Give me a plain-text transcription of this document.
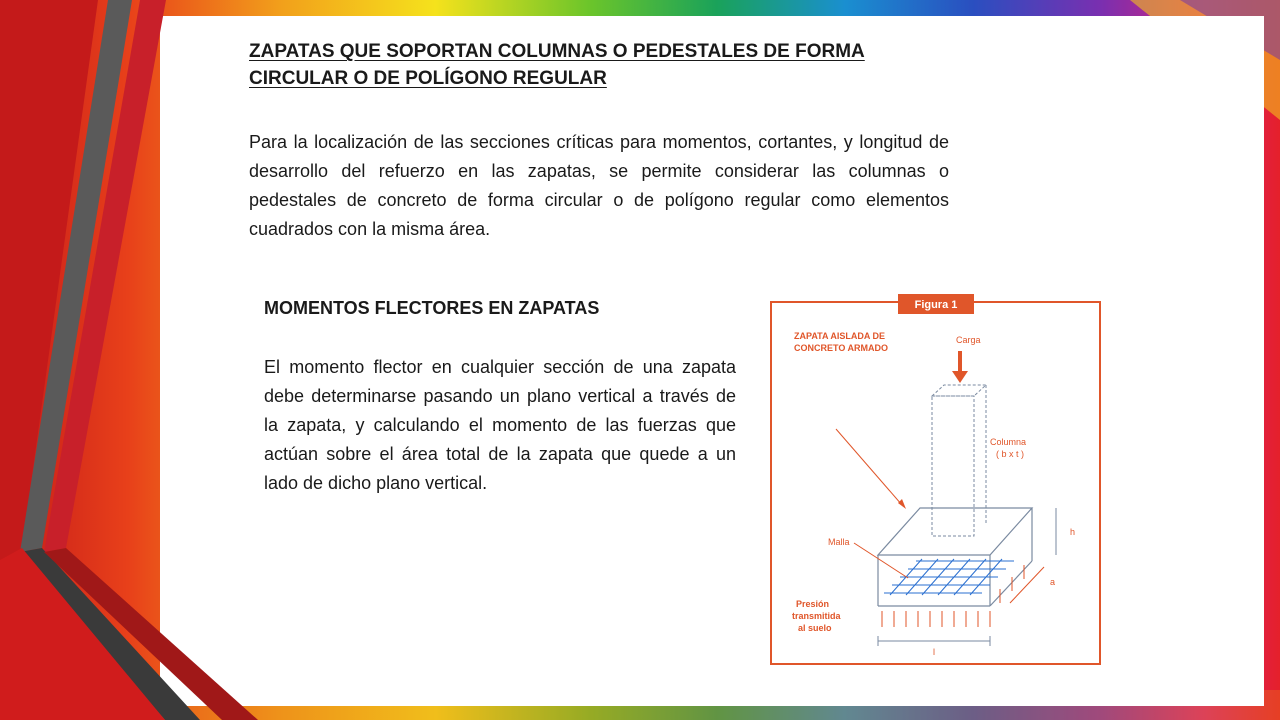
ZAPATAS QUE SOPORTAN COLUMNAS O PEDESTALES DE FORMA
CIRCULAR O DE POLÍGONO REGULAR
Para la localización de las secciones críticas para momentos, cortantes, y longitud de desarrollo del refuerzo en las zapatas, se permite considerar las columnas o pedestales de concreto de forma circular o de polígono regular como elementos cuadrados con la misma área.
MOMENTOS FLECTORES EN ZAPATAS
El momento flector en cualquier sección de una zapata debe determinarse pasando un plano vertical a través de la zapata, y calculando el momento de las fuerzas que actúan sobre el área total de la zapata que quede a un lado de dicho plano vertical.
Figura 1
ZAPATA AISLADA DE
CONCRETO ARMADO
Carga
Columna
( b x t )
Malla
h
a
Presión
transmitida
al suelo
l
